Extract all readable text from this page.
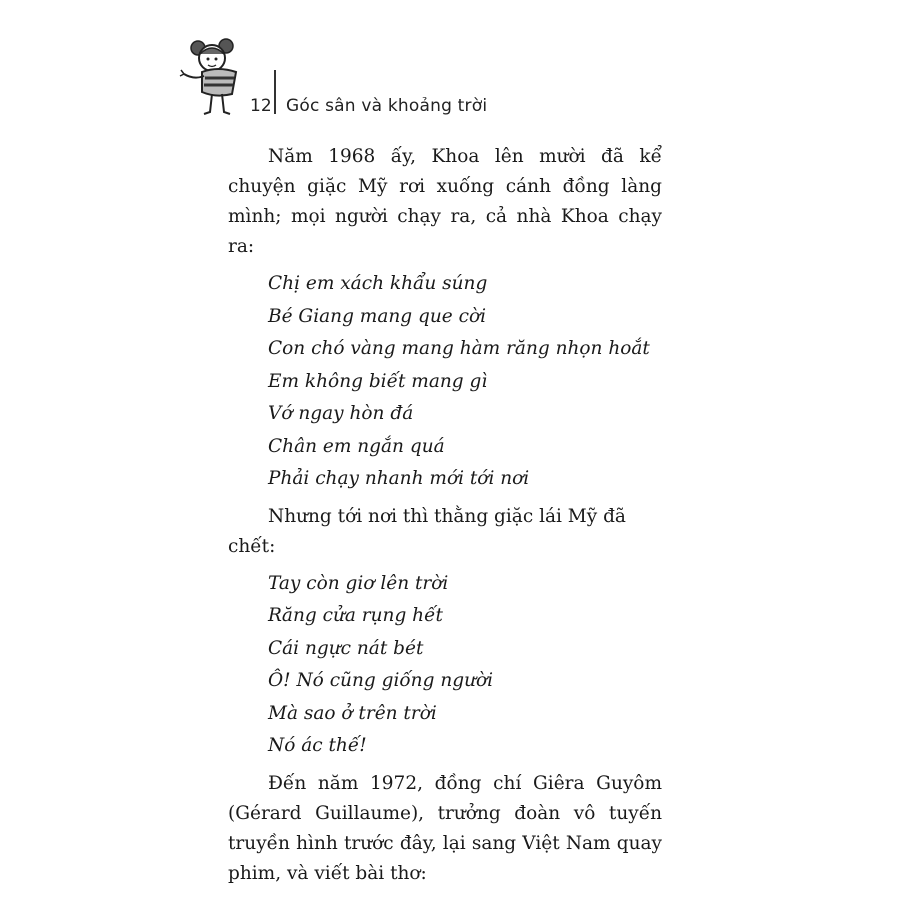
12 Góc sân và khoảng trời

Năm 1968 ấy, Khoa lên mười đã kể chuyện giặc Mỹ rơi xuống cánh đồng làng mình; mọi người chạy ra, cả nhà Khoa chạy ra:

Chị em xách khẩu súng
Bé Giang mang que cời
Con chó vàng mang hàm răng nhọn hoắt
Em không biết mang gì
Vớ ngay hòn đá
Chân em ngắn quá
Phải chạy nhanh mới tới nơi

Nhưng tới nơi thì thằng giặc lái Mỹ đã chết:

Tay còn giơ lên trời
Răng cửa rụng hết
Cái ngực nát bét
Ô! Nó cũng giống người
Mà sao ở trên trời
Nó ác thế!

Đến năm 1972, đồng chí Giêra Guyôm (Gérard Guillaume), trưởng đoàn vô tuyến truyền hình trước đây, lại sang Việt Nam quay phim, và viết bài thơ:
